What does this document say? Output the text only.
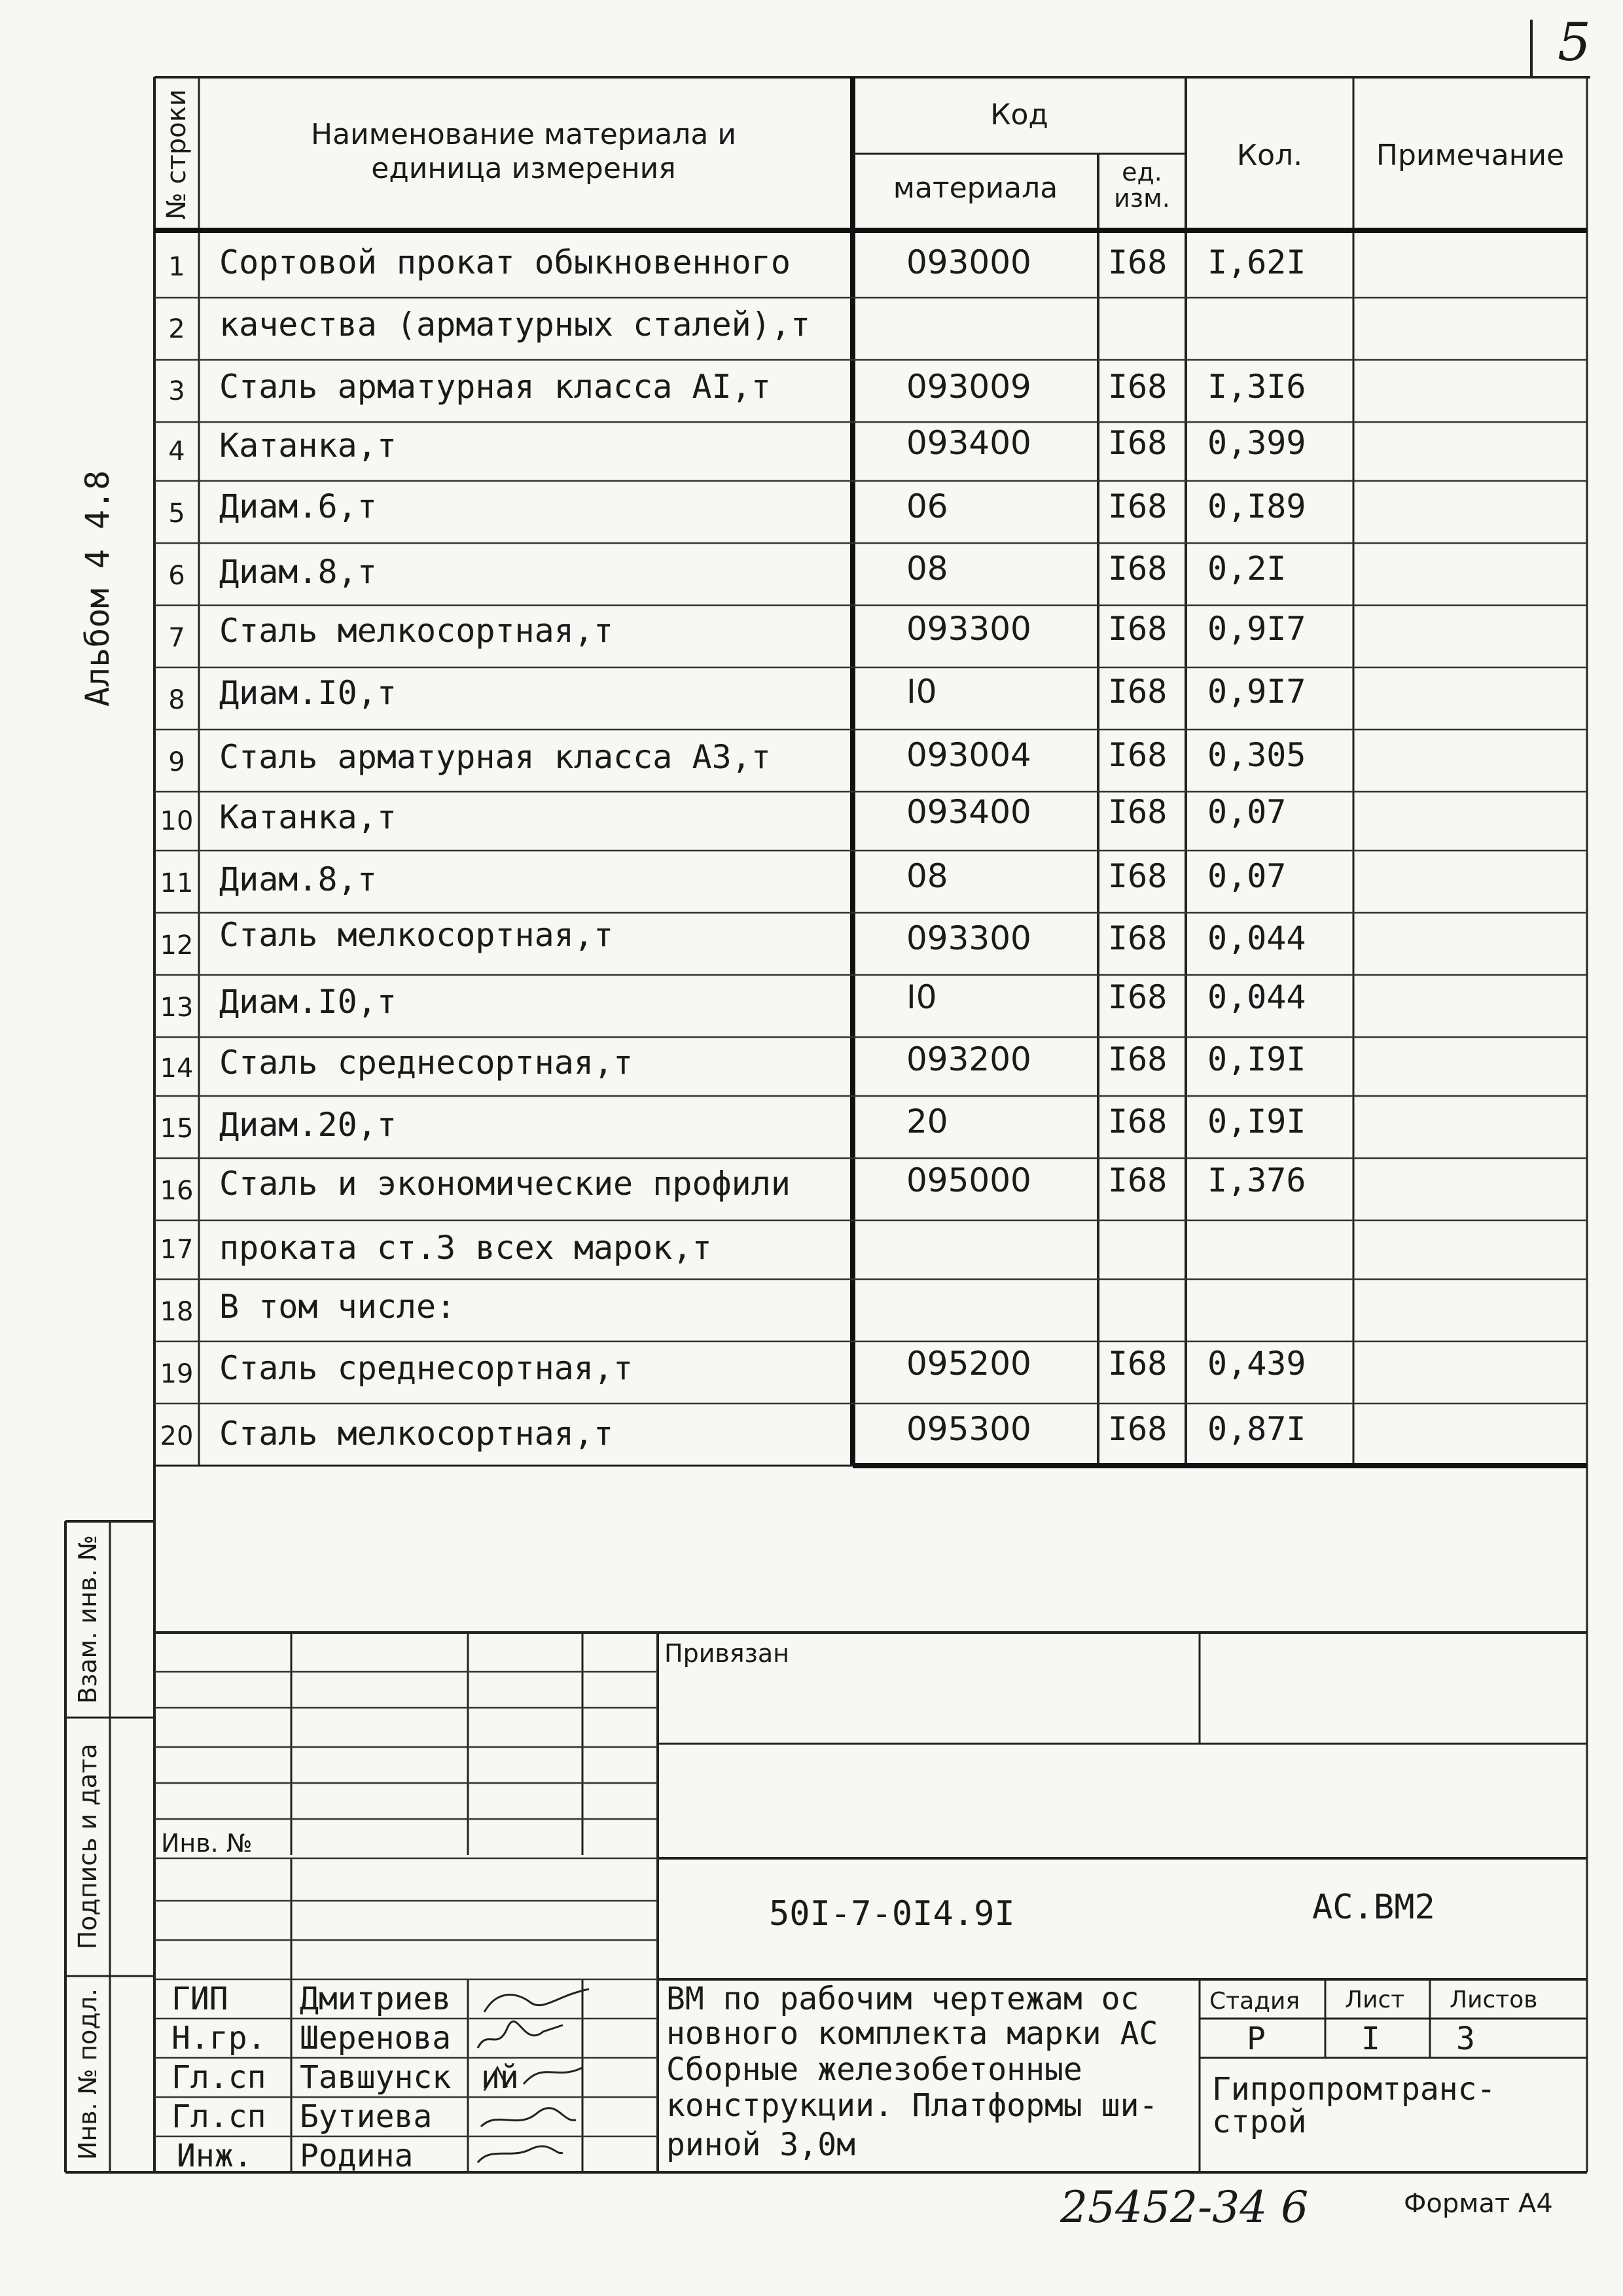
5
Альбом 4 4.8
25452-34 6	Формат А4
№ строки	Наименование материала и единица измерения
Код
материала	ед. изм.
Кол.	Примечание
1	Сортовой прокат обыкновенного	093000 I68 I,62I
2	качества (арматурных сталей),т
3	Сталь арматурная класса АI,т	093009 I68 I,3I6
4	Катанка,т	093400 I68 0,399
5	Диам.6,т	06	I68 0,I89
6	Диам.8,т	08	I68 0,2I
7	Сталь мелкосортная,т	093300 I68 0,9I7
8	Диам.I0,т	I0	I68 0,9I7
9	Сталь арматурная класса А3,т	093004 I68 0,305
10 Катанка,т	093400 I68 0,07
11 Диам.8,т	08	I68 0,07
12 Сталь мелкосортная,т	093300 I68 0,044
13 Диам.I0,т	I0	I68 0,044
14 Сталь среднесортная,т	093200 I68 0,I9I
15 Диам.20,т	20	I68 0,I9I
16 Сталь и экономические профили	095000 I68 I,376
17 проката ст.3 всех марок,т
18 В том числе:
19 Сталь среднесортная,т	095200 I68 0,439
20 Сталь мелкосортная,т	095300 I68 0,87I
Взам. инв. №
Подпись и дата
Инв. № подл.
Привязан
Инв. №
50I-7-0I4.9I	АС.ВМ2
ГИП Дмитриев
Н.гр. Шеренова
Гл.сп Тавшунск ий
Гл.сп Бутиева
Инж. Родина
ВМ по рабочим чертежам ос
новного комплекта марки АС
Сборные железобетонные
конструкции. Платформы ши-
риной 3,0м
Стадия Лист Листов
Р	I 3
Гипропромтранс-
строй
